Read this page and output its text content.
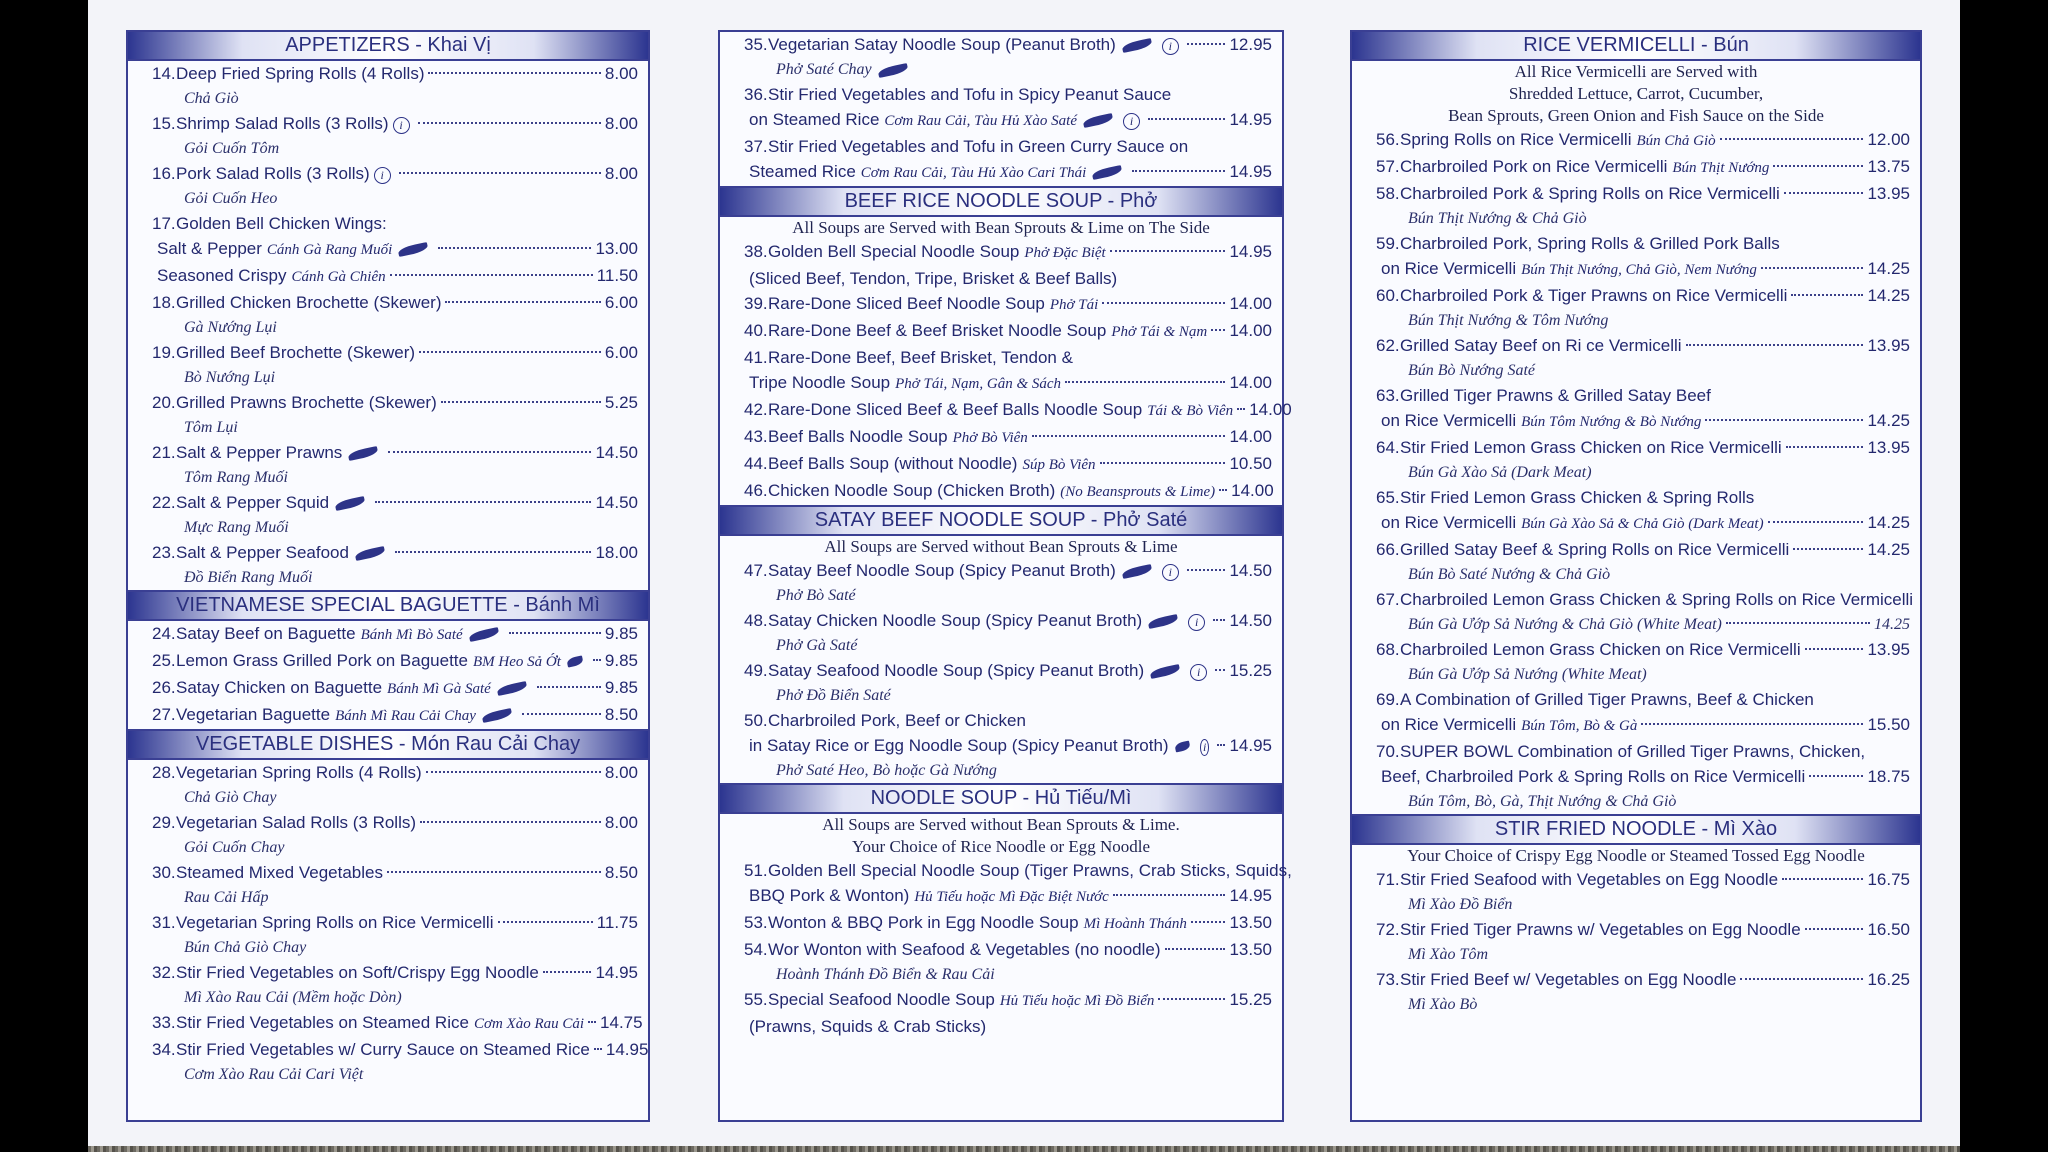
APPETIZERS - Khai Vị
14. Deep Fried Spring Rolls (4 Rolls)	8.00
Chả Giò
15. Shrimp Salad Rolls (3 Rolls) i	8.00
Gỏi Cuốn Tôm
16. Pork Salad Rolls (3 Rolls) i	8.00
Gỏi Cuốn Heo
17. Golden Bell Chicken Wings:
Salt & Pepper Cánh Gà Rang Muối	13.00
Seasoned Crispy Cánh Gà Chiên	11.50
18. Grilled Chicken Brochette (Skewer)	6.00
Gà Nướng Lụi
19. Grilled Beef Brochette (Skewer)	6.00
Bò Nướng Lụi
20. Grilled Prawns Brochette (Skewer)	5.25
Tôm Lụi
21. Salt & Pepper Prawns	14.50
Tôm Rang Muối
22. Salt & Pepper Squid	14.50
Mực Rang Muối
23. Salt & Pepper Seafood	18.00
Đồ Biển Rang Muối
VIETNAMESE SPECIAL BAGUETTE - Bánh Mì
24. Satay Beef on Baguette Bánh Mì Bò Saté	9.85
25. Lemon Grass Grilled Pork on Baguette BM Heo Sả Ớt	9.85
26. Satay Chicken on Baguette Bánh Mì Gà Saté	9.85
27. Vegetarian Baguette Bánh Mì Rau Cải Chay	8.50
VEGETABLE DISHES - Món Rau Cải Chay
28. Vegetarian Spring Rolls (4 Rolls)	8.00
Chả Giò Chay
29. Vegetarian Salad Rolls (3 Rolls)	8.00
Gỏi Cuốn Chay
30. Steamed Mixed Vegetables	8.50
Rau Cải Hấp
31. Vegetarian Spring Rolls on Rice Vermicelli	11.75
Bún Chả Giò Chay
32. Stir Fried Vegetables on Soft/Crispy Egg Noodle	14.95
Mì Xào Rau Cải (Mềm hoặc Dòn)
33. Stir Fried Vegetables on Steamed Rice Cơm Xào Rau Cải 14.75
34. Stir Fried Vegetables w/ Curry Sauce on Steamed Rice 14.95
Cơm Xào Rau Cải Cari Việt
35. Vegetarian Satay Noodle Soup (Peanut Broth)	i	12.95
Phở Saté Chay
36. Stir Fried Vegetables and Tofu in Spicy Peanut Sauce
on Steamed Rice Cơm Rau Cải, Tàu Hủ Xào Saté	i	14.95
37. Stir Fried Vegetables and Tofu in Green Curry Sauce on
Steamed Rice Cơm Rau Cải, Tàu Hủ Xào Cari Thái	14.95
BEEF RICE NOODLE SOUP - Phở
All Soups are Served with Bean Sprouts & Lime on The Side
38. Golden Bell Special Noodle Soup Phở Đặc Biệt	14.95
(Sliced Beef, Tendon, Tripe, Brisket & Beef Balls)
39. Rare-Done Sliced Beef Noodle Soup Phở Tái	14.00
40. Rare-Done Beef & Beef Brisket Noodle Soup Phở Tái & Nạm 14.00
41. Rare-Done Beef, Beef Brisket, Tendon &
Tripe Noodle Soup Phở Tái, Nạm, Gân & Sách	14.00
42. Rare-Done Sliced Beef & Beef Balls Noodle Soup Tái & Bò Viên 14.00
43. Beef Balls Noodle Soup Phở Bò Viên	14.00
44. Beef Balls Soup (without Noodle) Súp Bò Viên	10.50
46. Chicken Noodle Soup (Chicken Broth) (No Beansprouts & Lime) 14.00
SATAY BEEF NOODLE SOUP - Phở Saté
All Soups are Served without Bean Sprouts & Lime
47. Satay Beef Noodle Soup (Spicy Peanut Broth)	i	14.50
Phở Bò Saté
48. Satay Chicken Noodle Soup (Spicy Peanut Broth)	i	14.50
Phở Gà Saté
49. Satay Seafood Noodle Soup (Spicy Peanut Broth)	i	15.25
Phở Đồ Biển Saté
50. Charbroiled Pork, Beef or Chicken
in Satay Rice or Egg Noodle Soup (Spicy Peanut Broth)	i 14.95
Phở Saté Heo, Bò hoặc Gà Nướng
NOODLE SOUP - Hủ Tiếu/Mì
All Soups are Served without Bean Sprouts & Lime.
Your Choice of Rice Noodle or Egg Noodle
51. Golden Bell Special Noodle Soup (Tiger Prawns, Crab Sticks, Squids,
BBQ Pork & Wonton) Hủ Tiếu hoặc Mì Đặc Biệt Nước	14.95
53. Wonton & BBQ Pork in Egg Noodle Soup Mì Hoành Thánh	13.50
54. Wor Wonton with Seafood & Vegetables (no noodle)	13.50
Hoành Thánh Đồ Biển & Rau Cải
55. Special Seafood Noodle Soup Hủ Tiếu hoặc Mì Đồ Biển	15.25
(Prawns, Squids & Crab Sticks)
RICE VERMICELLI - Bún
All Rice Vermicelli are Served with
Shredded Lettuce, Carrot, Cucumber,
Bean Sprouts, Green Onion and Fish Sauce on the Side
56. Spring Rolls on Rice Vermicelli Bún Chả Giò	12.00
57. Charbroiled Pork on Rice Vermicelli Bún Thịt Nướng	13.75
58. Charbroiled Pork & Spring Rolls on Rice Vermicelli	13.95
Bún Thịt Nướng & Chả Giò
59. Charbroiled Pork, Spring Rolls & Grilled Pork Balls
on Rice Vermicelli Bún Thịt Nướng, Chả Giò, Nem Nướng	14.25
60. Charbroiled Pork & Tiger Prawns on Rice Vermicelli	14.25
Bún Thịt Nướng & Tôm Nướng
62. Grilled Satay Beef on Ri ce Vermicelli	13.95
Bún Bò Nướng Saté
63. Grilled Tiger Prawns & Grilled Satay Beef
on Rice Vermicelli Bún Tôm Nướng & Bò Nướng	14.25
64. Stir Fried Lemon Grass Chicken on Rice Vermicelli	13.95
Bún Gà Xào Sả (Dark Meat)
65. Stir Fried Lemon Grass Chicken & Spring Rolls
on Rice Vermicelli Bún Gà Xào Sả & Chả Giò (Dark Meat)	14.25
66. Grilled Satay Beef & Spring Rolls on Rice Vermicelli	14.25
Bún Bò Saté Nướng & Chả Giò
67. Charbroiled Lemon Grass Chicken & Spring Rolls on Rice Vermicelli
Bún Gà Ướp Sả Nướng & Chả Giò (White Meat)	14.25
68. Charbroiled Lemon Grass Chicken on Rice Vermicelli	13.95
Bún Gà Ướp Sả Nướng (White Meat)
69. A Combination of Grilled Tiger Prawns, Beef & Chicken
on Rice Vermicelli Bún Tôm, Bò & Gà	15.50
70. SUPER BOWL Combination of Grilled Tiger Prawns, Chicken,
Beef, Charbroiled Pork & Spring Rolls on Rice Vermicelli	18.75
Bún Tôm, Bò, Gà, Thịt Nướng & Chả Giò
STIR FRIED NOODLE - Mì Xào
Your Choice of Crispy Egg Noodle or Steamed Tossed Egg Noodle
71. Stir Fried Seafood with Vegetables on Egg Noodle	16.75
Mì Xào Đồ Biển
72. Stir Fried Tiger Prawns w/ Vegetables on Egg Noodle	16.50
Mì Xào Tôm
73. Stir Fried Beef w/ Vegetables on Egg Noodle	16.25
Mì Xào Bò
